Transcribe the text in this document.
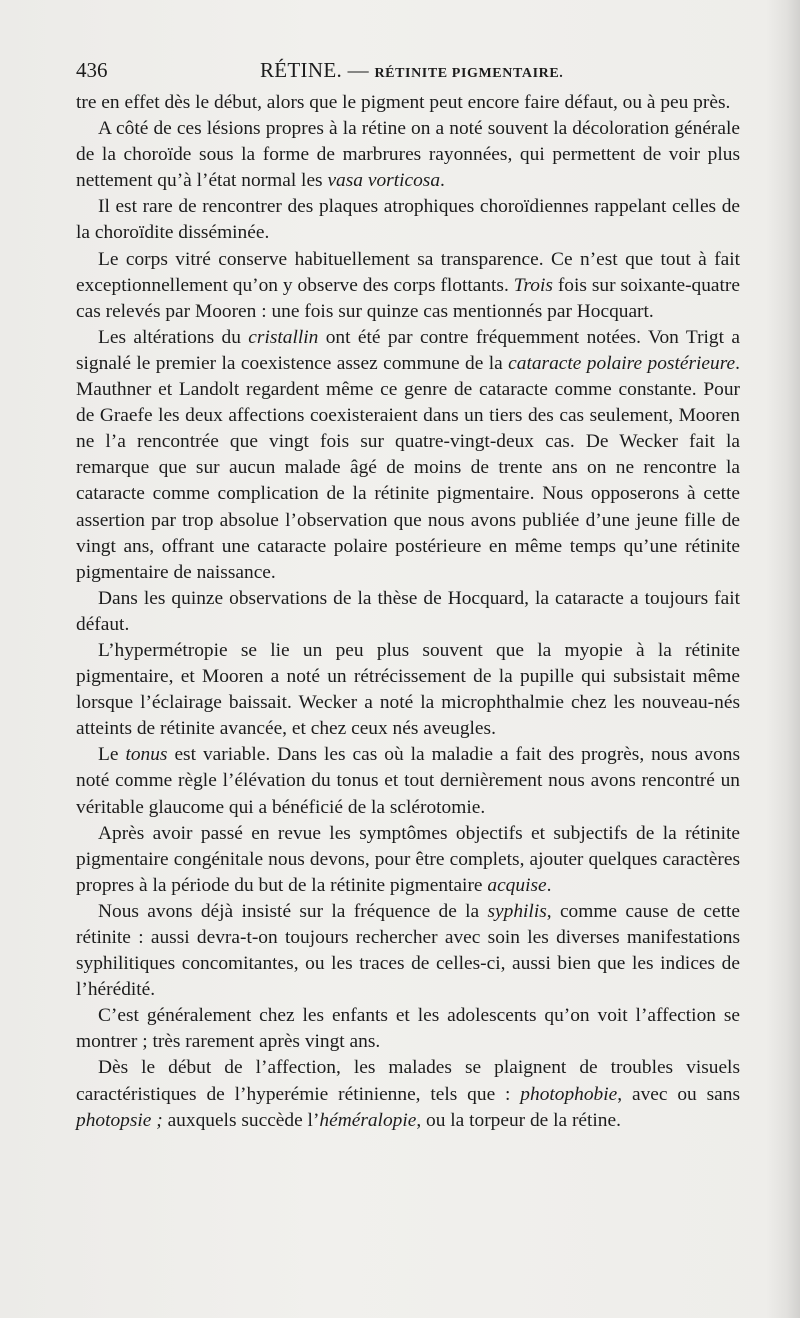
436	RÉTINE. — RÉTINITE PIGMENTAIRE.

tre en effet dès le début, alors que le pigment peut encore faire défaut, ou à peu près.

A côté de ces lésions propres à la rétine on a noté souvent la décoloration générale de la choroïde sous la forme de marbrures rayonnées, qui permettent de voir plus nettement qu’à l’état normal les vasa vorticosa.

Il est rare de rencontrer des plaques atrophiques choroïdiennes rappelant celles de la choroïdite disséminée.

Le corps vitré conserve habituellement sa transparence. Ce n’est que tout à fait exceptionnellement qu’on y observe des corps flottants. Trois fois sur soixante-quatre cas relevés par Mooren : une fois sur quinze cas mentionnés par Hocquart.

Les altérations du cristallin ont été par contre fréquemment notées. Von Trigt a signalé le premier la coexistence assez commune de la cataracte polaire postérieure. Mauthner et Landolt regardent même ce genre de cataracte comme constante. Pour de Graefe les deux affections coexisteraient dans un tiers des cas seulement, Mooren ne l’a rencontrée que vingt fois sur quatre-vingt-deux cas. De Wecker fait la remarque que sur aucun malade âgé de moins de trente ans on ne rencontre la cataracte comme complication de la rétinite pigmentaire. Nous opposerons à cette assertion par trop absolue l’observation que nous avons publiée d’une jeune fille de vingt ans, offrant une cataracte polaire postérieure en même temps qu’une rétinite pigmentaire de naissance.

Dans les quinze observations de la thèse de Hocquard, la cataracte a toujours fait défaut.

L’hypermétropie se lie un peu plus souvent que la myopie à la rétinite pigmentaire, et Mooren a noté un rétrécissement de la pupille qui subsistait même lorsque l’éclairage baissait. Wecker a noté la microphthalmie chez les nouveau-nés atteints de rétinite avancée, et chez ceux nés aveugles.

Le tonus est variable. Dans les cas où la maladie a fait des progrès, nous avons noté comme règle l’élévation du tonus et tout dernièrement nous avons rencontré un véritable glaucome qui a bénéficié de la sclérotomie.

Après avoir passé en revue les symptômes objectifs et subjectifs de la rétinite pigmentaire congénitale nous devons, pour être complets, ajouter quelques caractères propres à la période du but de la rétinite pigmentaire acquise.

Nous avons déjà insisté sur la fréquence de la syphilis, comme cause de cette rétinite : aussi devra-t-on toujours rechercher avec soin les diverses manifestations syphilitiques concomitantes, ou les traces de celles-ci, aussi bien que les indices de l’hérédité.

C’est généralement chez les enfants et les adolescents qu’on voit l’affection se montrer ; très rarement après vingt ans.

Dès le début de l’affection, les malades se plaignent de troubles visuels caractéristiques de l’hyperémie rétinienne, tels que : photophobie, avec ou sans photopsie ; auxquels succède l’héméralopie, ou la torpeur de la rétine.
